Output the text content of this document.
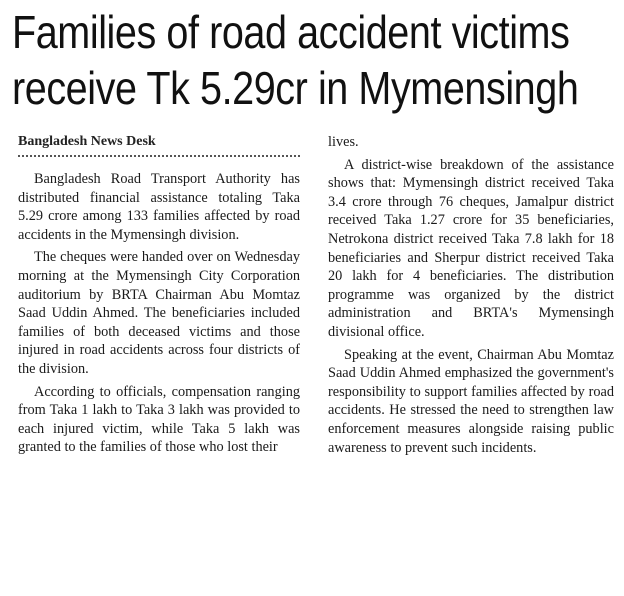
Families of road accident victims
receive Tk 5.29cr in Mymensingh
Bangladesh News Desk

Bangladesh Road Transport Authority has distributed financial assistance totaling Taka 5.29 crore among 133 families affected by road accidents in the Mymensingh division.

The cheques were handed over on Wednesday morning at the Mymensingh City Corporation auditorium by BRTA Chairman Abu Momtaz Saad Uddin Ahmed. The beneficiaries included families of both deceased victims and those injured in road accidents across four districts of the division.

According to officials, compensation ranging from Taka 1 lakh to Taka 3 lakh was provided to each injured victim, while Taka 5 lakh was granted to the families of those who lost their

lives.

A district-wise breakdown of the assistance shows that: Mymensingh district received Taka 3.4 crore through 76 cheques, Jamalpur district received Taka 1.27 crore for 35 beneficiaries, Netrokona district received Taka 7.8 lakh for 18 beneficiaries and Sherpur district received Taka 20 lakh for 4 beneficiaries. The distribution programme was organized by the district administration and BRTA's Mymensingh divisional office.

Speaking at the event, Chairman Abu Momtaz Saad Uddin Ahmed emphasized the government's responsibility to support families affected by road accidents. He stressed the need to strengthen law enforcement measures alongside raising public awareness to prevent such incidents.
